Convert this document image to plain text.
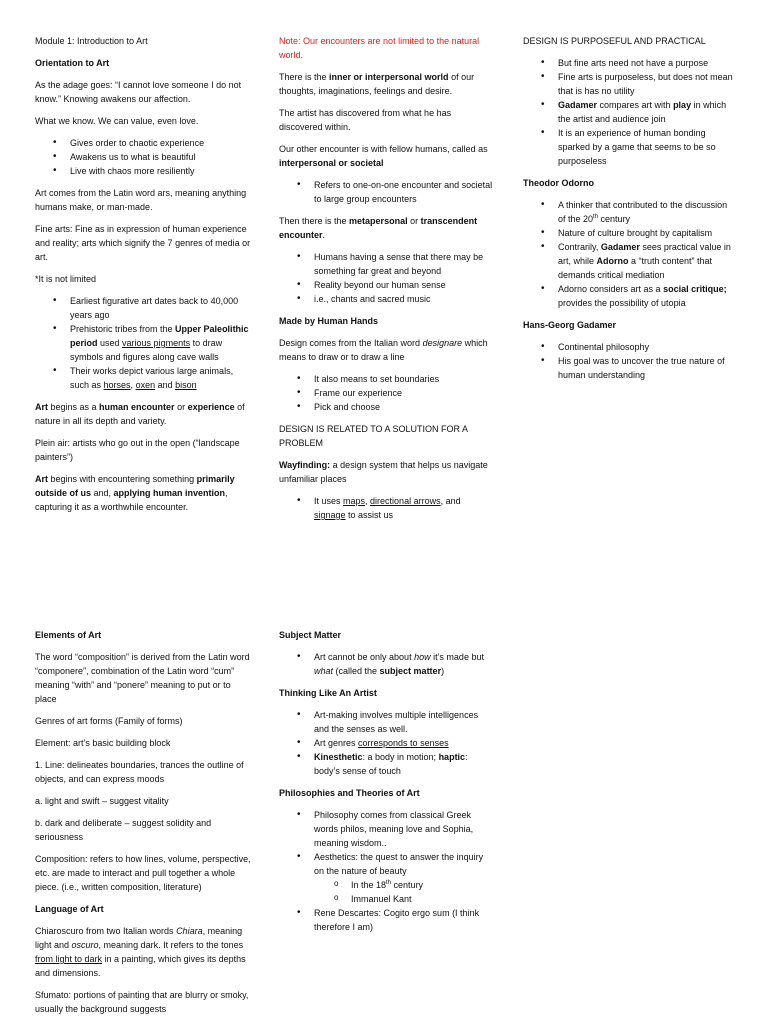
Module 1: Introduction to Art

Orientation to Art

As the adage goes: “I cannot love someone I do not know.” Knowing awakens our affection.

What we know. We can value, even love.

• Gives order to chaotic experience
• Awakens us to what is beautiful
• Live with chaos more resiliently

Art comes from the Latin word ars, meaning anything humans make, or man-made.

Fine arts: Fine as in expression of human experience and reality; arts which signify the 7 genres of media or art.

*It is not limited

• Earliest figurative art dates back to 40,000 years ago
• Prehistoric tribes from the Upper Paleolithic period used various pigments to draw symbols and figures along cave walls
• Their works depict various large animals, such as horses, oxen and bison

Art begins as a human encounter or experience of nature in all its depth and variety.

Plein air: artists who go out in the open (“landscape painters”)

Art begins with encountering something primarily outside of us and, applying human invention, capturing it as a worthwhile encounter.

Note: Our encounters are not limited to the natural world.

There is the inner or interpersonal world of our thoughts, imaginations, feelings and desire.

The artist has discovered from what he has discovered within.

Our other encounter is with fellow humans, called as interpersonal or societal

• Refers to one-on-one encounter and societal to large group encounters

Then there is the metapersonal or transcendent encounter.

• Humans having a sense that there may be something far great and beyond
• Reality beyond our human sense
• i.e., chants and sacred music

Made by Human Hands

Design comes from the Italian word designare which means to draw or to draw a line

• It also means to set boundaries
• Frame our experience
• Pick and choose

DESIGN IS RELATED TO A SOLUTION FOR A PROBLEM

Wayfinding: a design system that helps us navigate unfamiliar places

• It uses maps, directional arrows, and signage to assist us

DESIGN IS PURPOSEFUL AND PRACTICAL

• But fine arts need not have a purpose
• Fine arts is purposeless, but does not mean that is has no utility
• Gadamer compares art with play in which the artist and audience join
• It is an experience of human bonding sparked by a game that seems to be so purposeless

Theodor Odorno

• A thinker that contributed to the discussion of the 20th century
• Nature of culture brought by capitalism
• Contrarily, Gadamer sees practical value in art, while Adorno a “truth content” that demands critical mediation
• Adorno considers art as a social critique; provides the possibility of utopia

Hans-Georg Gadamer

• Continental philosophy
• His goal was to uncover the true nature of human understanding

Elements of Art

The word “composition” is derived from the Latin word “componere”, combination of the Latin word “cum” meaning “with” and “ponere” meaning to put or to place

Genres of art forms (Family of forms)

Element: art’s basic building block

1. Line: delineates boundaries, trances the outline of objects, and can express moods

a. light and swift – suggest vitality

b. dark and deliberate – suggest solidity and seriousness

Composition: refers to how lines, volume, perspective, etc. are made to interact and pull together a whole piece. (i.e., written composition, literature)

Language of Art

Chiaroscuro from two Italian words Chiara, meaning light and oscuro, meaning dark. It refers to the tones from light to dark in a painting, which gives its depths and dimensions.

Sfumato: portions of painting that are blurry or smoky, usually the background suggests

Subject Matter

• Art cannot be only about how it’s made but what (called the subject matter)

Thinking Like An Artist

• Art-making involves multiple intelligences and the senses as well.
• Art genres corresponds to senses
• Kinesthetic: a body in motion; haptic: body’s sense of touch

Philosophies and Theories of Art

• Philosophy comes from classical Greek words philos, meaning love and Sophia, meaning wisdom..
• Aesthetics: the quest to answer the inquiry on the nature of beauty
o In the 18th century
o Immanuel Kant
• Rene Descartes: Cogito ergo sum (I think therefore I am)
